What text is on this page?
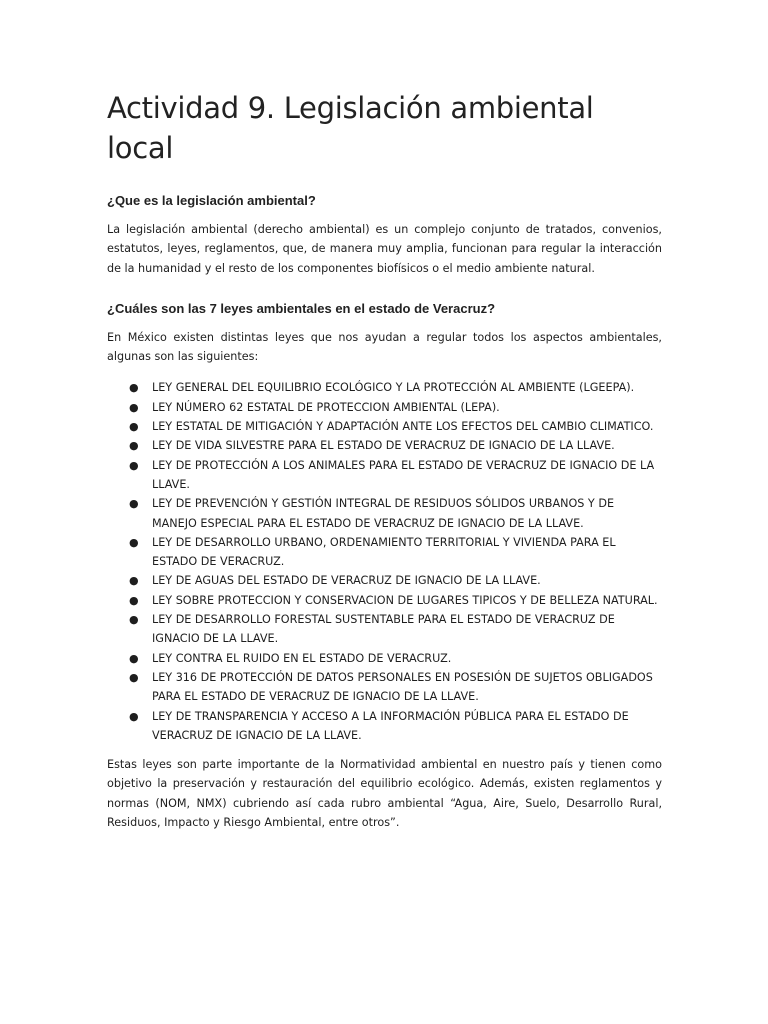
Actividad 9. Legislación ambiental local
¿Que es la legislación ambiental?

La legislación ambiental (derecho ambiental) es un complejo conjunto de tratados, convenios, estatutos, leyes, reglamentos, que, de manera muy amplia, funcionan para regular la interacción de la humanidad y el resto de los componentes biofísicos o el medio ambiente natural.

¿Cuáles son las 7 leyes ambientales en el estado de Veracruz?

En México existen distintas leyes que nos ayudan a regular todos los aspectos ambientales, algunas son las siguientes:

● LEY GENERAL DEL EQUILIBRIO ECOLÓGICO Y LA PROTECCIÓN AL AMBIENTE (LGEEPA).
● LEY NÚMERO 62 ESTATAL DE PROTECCION AMBIENTAL (LEPA).
● LEY ESTATAL DE MITIGACIÓN Y ADAPTACIÓN ANTE LOS EFECTOS DEL CAMBIO CLIMATICO.
● LEY DE VIDA SILVESTRE PARA EL ESTADO DE VERACRUZ DE IGNACIO DE LA LLAVE.
● LEY DE PROTECCIÓN A LOS ANIMALES PARA EL ESTADO DE VERACRUZ DE IGNACIO DE LA LLAVE.
● LEY DE PREVENCIÓN Y GESTIÓN INTEGRAL DE RESIDUOS SÓLIDOS URBANOS Y DE MANEJO ESPECIAL PARA EL ESTADO DE VERACRUZ DE IGNACIO DE LA LLAVE.
● LEY DE DESARROLLO URBANO, ORDENAMIENTO TERRITORIAL Y VIVIENDA PARA EL ESTADO DE VERACRUZ.
● LEY DE AGUAS DEL ESTADO DE VERACRUZ DE IGNACIO DE LA LLAVE.
● LEY SOBRE PROTECCION Y CONSERVACION DE LUGARES TIPICOS Y DE BELLEZA NATURAL.
● LEY DE DESARROLLO FORESTAL SUSTENTABLE PARA EL ESTADO DE VERACRUZ DE IGNACIO DE LA LLAVE.
● LEY CONTRA EL RUIDO EN EL ESTADO DE VERACRUZ.
● LEY 316 DE PROTECCIÓN DE DATOS PERSONALES EN POSESIÓN DE SUJETOS OBLIGADOS PARA EL ESTADO DE VERACRUZ DE IGNACIO DE LA LLAVE.
● LEY DE TRANSPARENCIA Y ACCESO A LA INFORMACIÓN PÚBLICA PARA EL ESTADO DE VERACRUZ DE IGNACIO DE LA LLAVE.

Estas leyes son parte importante de la Normatividad ambiental en nuestro país y tienen como objetivo la preservación y restauración del equilibrio ecológico. Además, existen reglamentos y normas (NOM, NMX) cubriendo así cada rubro ambiental “Agua, Aire, Suelo, Desarrollo Rural, Residuos, Impacto y Riesgo Ambiental, entre otros”.
